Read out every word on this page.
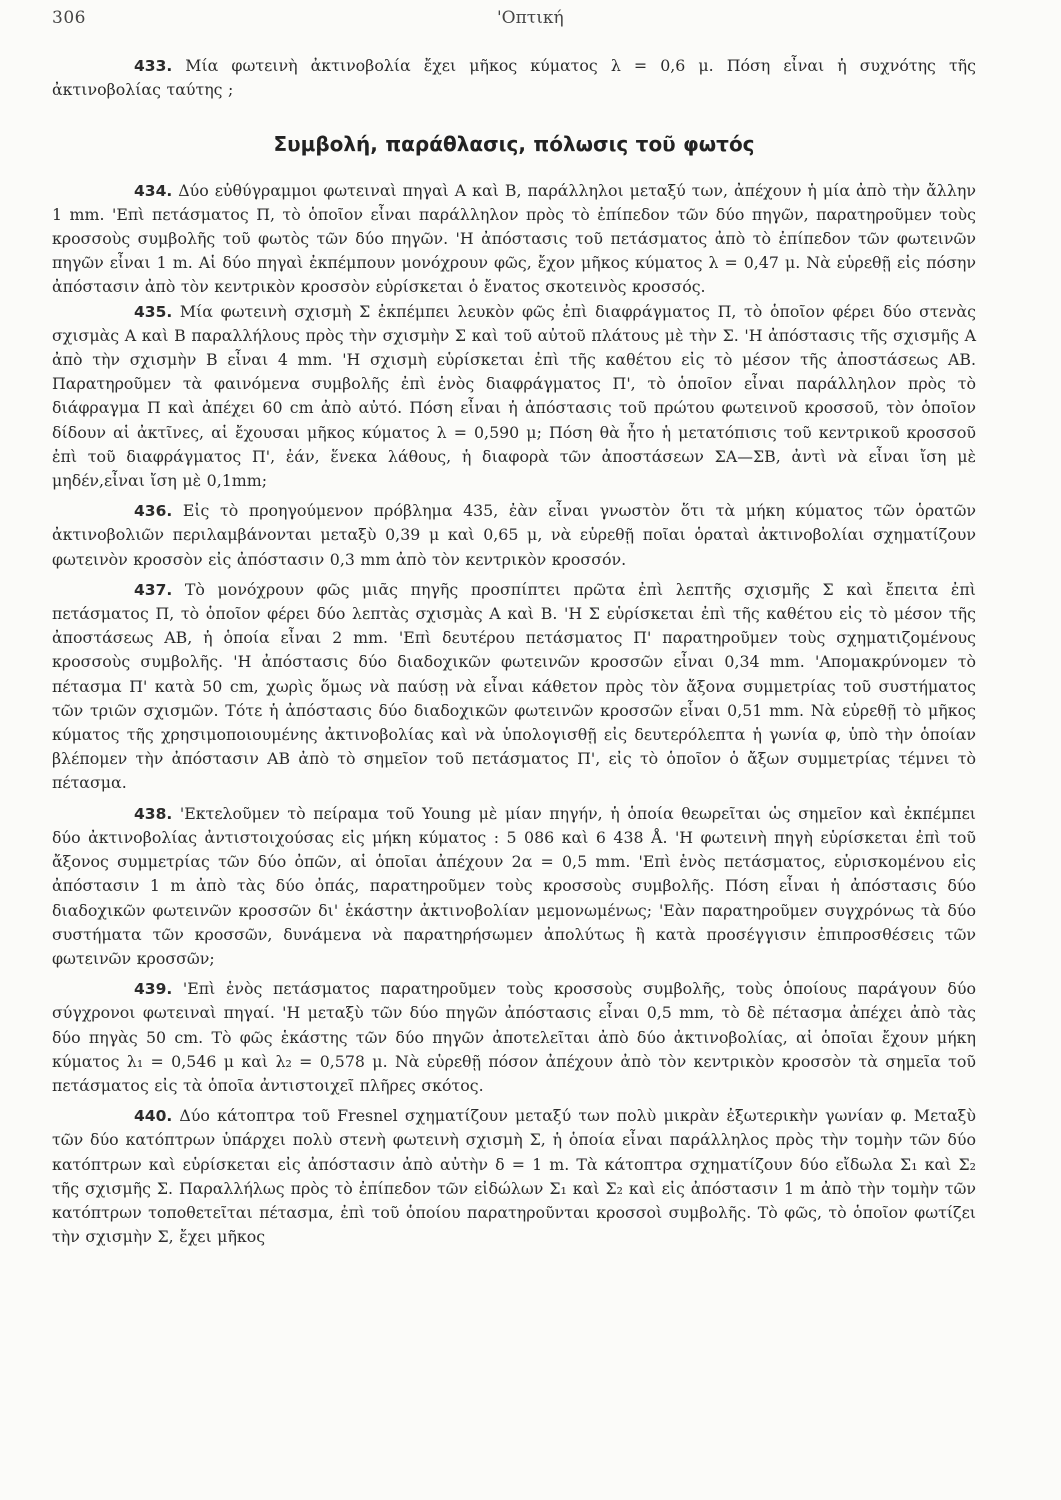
306	'Οπτική

433. Μία φωτεινὴ ἀκτινοβολία ἔχει μῆκος κύματος λ = 0,6 μ. Πόση εἶναι ἡ συχνότης τῆς ἀκτινοβολίας ταύτης ;

Συμβολή, παράθλασις, πόλωσις τοῦ φωτός

434. Δύο εὐθύγραμμοι φωτειναὶ πηγαὶ Α καὶ Β, παράλληλοι μεταξύ των, ἀπέχουν ἡ μία ἀπὸ τὴν ἄλλην 1 mm. 'Επὶ πετάσματος Π, τὸ ὁποῖον εἶναι παράλληλον πρὸς τὸ ἐπίπεδον τῶν δύο πηγῶν, παρατηροῦμεν τοὺς κροσσοὺς συμβολῆς τοῦ φωτὸς τῶν δύο πηγῶν. 'Η ἀπόστασις τοῦ πετάσματος ἀπὸ τὸ ἐπίπεδον τῶν φωτεινῶν πηγῶν εἶναι 1 m. Αἱ δύο πηγαὶ ἐκπέμπουν μονόχρουν φῶς, ἔχον μῆκος κύματος λ = 0,47 μ. Νὰ εὑρεθῇ εἰς πόσην ἀπόστασιν ἀπὸ τὸν κεντρικὸν κροσσὸν εὑρίσκεται ὁ ἔνατος σκοτεινὸς κροσσός.

435. Μία φωτεινὴ σχισμὴ Σ ἐκπέμπει λευκὸν φῶς ἐπὶ διαφράγματος Π, τὸ ὁποῖον φέρει δύο στενὰς σχισμὰς Α καὶ Β παραλλήλους πρὸς τὴν σχισμὴν Σ καὶ τοῦ αὐτοῦ πλάτους μὲ τὴν Σ. 'Η ἀπόστασις τῆς σχισμῆς Α ἀπὸ τὴν σχισμὴν Β εἶναι 4 mm. 'Η σχισμὴ εὑρίσκεται ἐπὶ τῆς καθέτου εἰς τὸ μέσον τῆς ἀποστάσεως ΑΒ. Παρατηροῦμεν τὰ φαινόμενα συμβολῆς ἐπὶ ἑνὸς διαφράγματος Π', τὸ ὁποῖον εἶναι παράλληλον πρὸς τὸ διάφραγμα Π καὶ ἀπέχει 60 cm ἀπὸ αὐτό. Πόση εἶναι ἡ ἀπόστασις τοῦ πρώτου φωτεινοῦ κροσσοῦ, τὸν ὁποῖον δίδουν αἱ ἀκτῖνες, αἱ ἔχουσαι μῆκος κύματος λ = 0,590 μ; Πόση θὰ ἦτο ἡ μετατόπισις τοῦ κεντρικοῦ κροσσοῦ ἐπὶ τοῦ διαφράγματος Π', ἐάν, ἕνεκα λάθους, ἡ διαφορὰ τῶν ἀποστάσεων ΣΑ—ΣΒ, ἀντὶ νὰ εἶναι ἴση μὲ μηδέν,εἶναι ἴση μὲ 0,1mm;

436. Εἰς τὸ προηγούμενον πρόβλημα 435, ἐὰν εἶναι γνωστὸν ὅτι τὰ μήκη κύματος τῶν ὁρατῶν ἀκτινοβολιῶν περιλαμβάνονται μεταξὺ 0,39 μ καὶ 0,65 μ, νὰ εὑρεθῇ ποῖαι ὁραταὶ ἀκτινοβολίαι σχηματίζουν φωτεινὸν κροσσὸν εἰς ἀπόστασιν 0,3 mm ἀπὸ τὸν κεντρικὸν κροσσόν.

437. Τὸ μονόχρουν φῶς μιᾶς πηγῆς προσπίπτει πρῶτα ἐπὶ λεπτῆς σχισμῆς Σ καὶ ἔπειτα ἐπὶ πετάσματος Π, τὸ ὁποῖον φέρει δύο λεπτὰς σχισμὰς Α καὶ Β. 'Η Σ εὑρίσκεται ἐπὶ τῆς καθέτου εἰς τὸ μέσον τῆς ἀποστάσεως ΑΒ, ἡ ὁποία εἶναι 2 mm. 'Επὶ δευτέρου πετάσματος Π' παρατηροῦμεν τοὺς σχηματιζομένους κροσσοὺς συμβολῆς. 'Η ἀπόστασις δύο διαδοχικῶν φωτεινῶν κροσσῶν εἶναι 0,34 mm. 'Απομακρύνομεν τὸ πέτασμα Π' κατὰ 50 cm, χωρὶς ὅμως νὰ παύσῃ νὰ εἶναι κάθετον πρὸς τὸν ἄξονα συμμετρίας τοῦ συστήματος τῶν τριῶν σχισμῶν. Τότε ἡ ἀπόστασις δύο διαδοχικῶν φωτεινῶν κροσσῶν εἶναι 0,51 mm. Νὰ εὑρεθῇ τὸ μῆκος κύματος τῆς χρησιμοποιουμένης ἀκτινοβολίας καὶ νὰ ὑπολογισθῇ εἰς δευτερόλεπτα ἡ γωνία φ, ὑπὸ τὴν ὁποίαν βλέπομεν τὴν ἀπόστασιν ΑΒ ἀπὸ τὸ σημεῖον τοῦ πετάσματος Π', εἰς τὸ ὁποῖον ὁ ἄξων συμμετρίας τέμνει τὸ πέτασμα.

438. 'Εκτελοῦμεν τὸ πείραμα τοῦ Young μὲ μίαν πηγήν, ἡ ὁποία θεωρεῖται ὡς σημεῖον καὶ ἐκπέμπει δύο ἀκτινοβολίας ἀντιστοιχούσας εἰς μήκη κύματος : 5 086 καὶ 6 438 Å. 'Η φωτεινὴ πηγὴ εὑρίσκεται ἐπὶ τοῦ ἄξονος συμμετρίας τῶν δύο ὀπῶν, αἱ ὁποῖαι ἀπέχουν 2α = 0,5 mm. 'Επὶ ἑνὸς πετάσματος, εὑρισκομένου εἰς ἀπόστασιν 1 m ἀπὸ τὰς δύο ὀπάς, παρατηροῦμεν τοὺς κροσσοὺς συμβολῆς. Πόση εἶναι ἡ ἀπόστασις δύο διαδοχικῶν φωτεινῶν κροσσῶν δι' ἑκάστην ἀκτινοβολίαν μεμονωμένως; 'Εὰν παρατηροῦμεν συγχρόνως τὰ δύο συστήματα τῶν κροσσῶν, δυνάμενα νὰ παρατηρήσωμεν ἀπολύτως ἢ κατὰ προσέγγισιν ἐπιπροσθέσεις τῶν φωτεινῶν κροσσῶν;

439. 'Επὶ ἑνὸς πετάσματος παρατηροῦμεν τοὺς κροσσοὺς συμβολῆς, τοὺς ὁποίους παράγουν δύο σύγχρονοι φωτειναὶ πηγαί. 'Η μεταξὺ τῶν δύο πηγῶν ἀπόστασις εἶναι 0,5 mm, τὸ δὲ πέτασμα ἀπέχει ἀπὸ τὰς δύο πηγὰς 50 cm. Τὸ φῶς ἑκάστης τῶν δύο πηγῶν ἀποτελεῖται ἀπὸ δύο ἀκτινοβολίας, αἱ ὁποῖαι ἔχουν μήκη κύματος λ₁ = 0,546 μ καὶ λ₂ = 0,578 μ. Νὰ εὑρεθῇ πόσον ἀπέχουν ἀπὸ τὸν κεντρικὸν κροσσὸν τὰ σημεῖα τοῦ πετάσματος εἰς τὰ ὁποῖα ἀντιστοιχεῖ πλῆρες σκότος.

440. Δύο κάτοπτρα τοῦ Fresnel σχηματίζουν μεταξύ των πολὺ μικρὰν ἐξωτερικὴν γωνίαν φ. Μεταξὺ τῶν δύο κατόπτρων ὑπάρχει πολὺ στενὴ φωτεινὴ σχισμὴ Σ, ἡ ὁποία εἶναι παράλληλος πρὸς τὴν τομὴν τῶν δύο κατόπτρων καὶ εὑρίσκεται εἰς ἀπόστασιν ἀπὸ αὐτὴν δ = 1 m. Τὰ κάτοπτρα σχηματίζουν δύο εἴδωλα Σ₁ καὶ Σ₂ τῆς σχισμῆς Σ. Παραλλήλως πρὸς τὸ ἐπίπεδον τῶν εἰδώλων Σ₁ καὶ Σ₂ καὶ εἰς ἀπόστασιν 1 m ἀπὸ τὴν τομὴν τῶν κατόπτρων τοποθετεῖται πέτασμα, ἐπὶ τοῦ ὁποίου παρατηροῦνται κροσσοὶ συμβολῆς. Τὸ φῶς, τὸ ὁποῖον φωτίζει τὴν σχισμὴν Σ, ἔχει μῆκος
